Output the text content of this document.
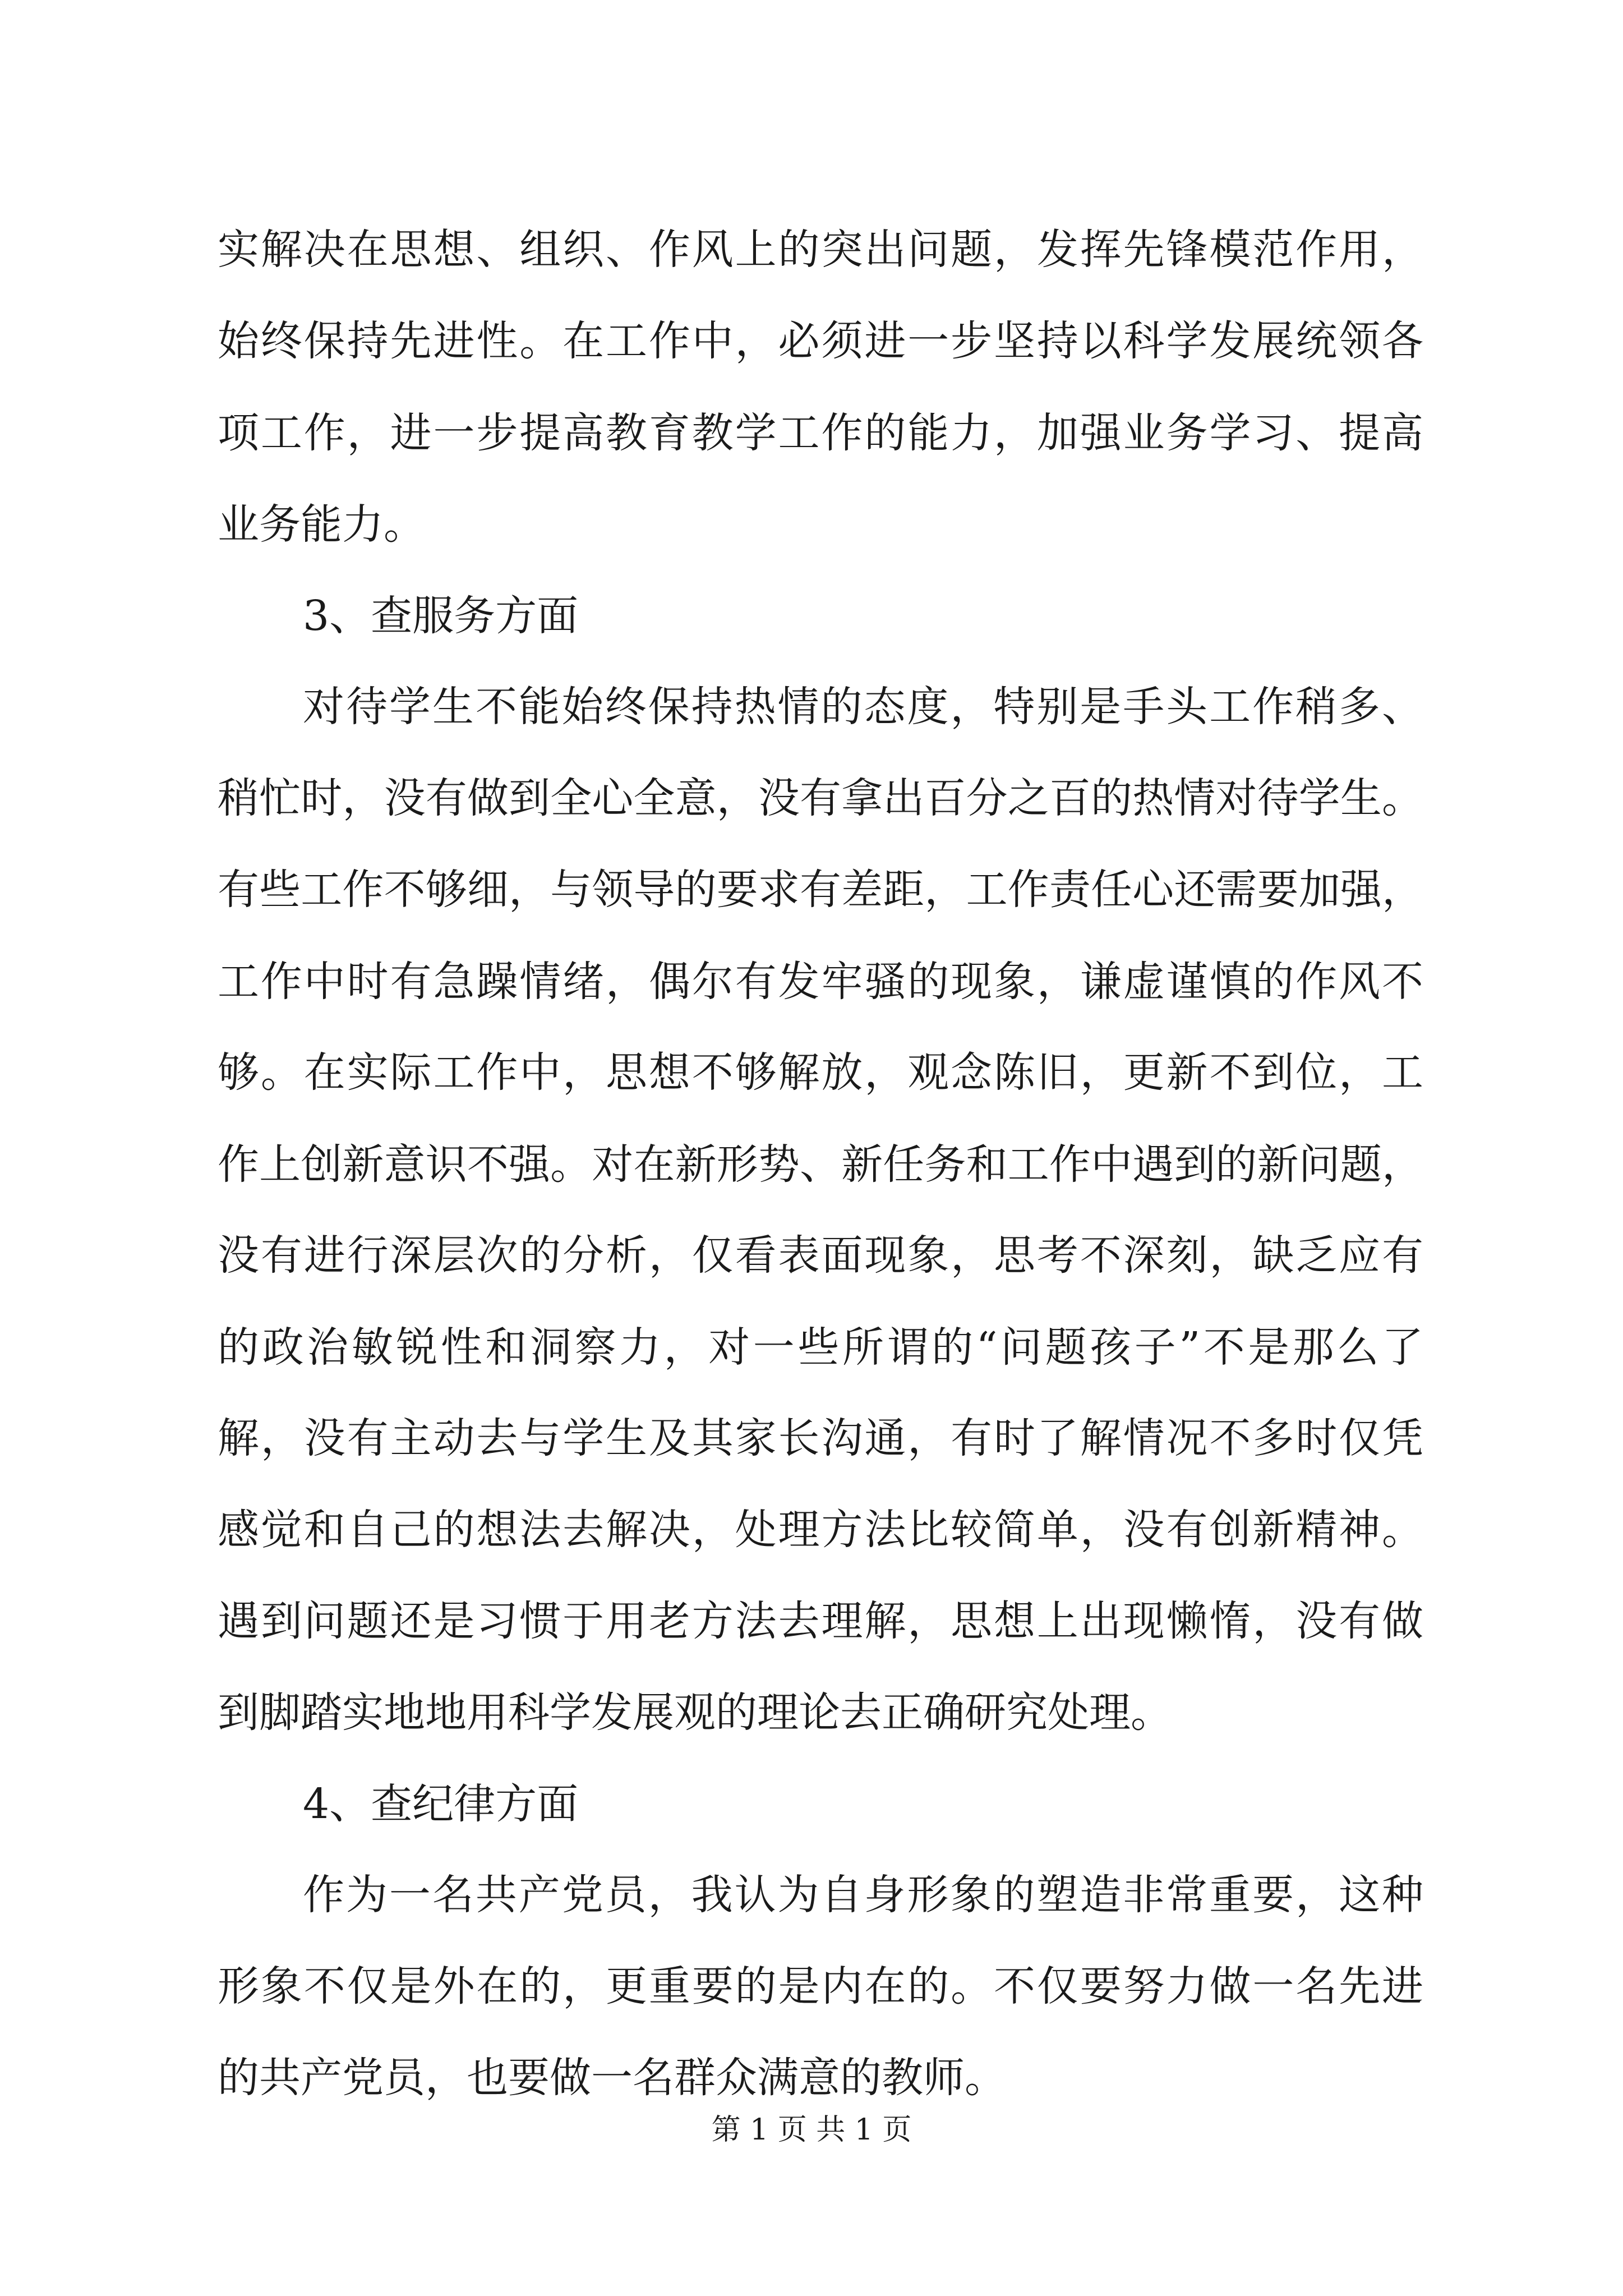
实解决在思想、组织、作风上的突出问题，发挥先锋模范作用，
始终保持先进性。在工作中，必须进一步坚持以科学发展统领各
项工作，进一步提高教育教学工作的能力，加强业务学习、提高
业务能力。
3、查服务方面
对待学生不能始终保持热情的态度，特别是手头工作稍多、
稍忙时，没有做到全心全意，没有拿出百分之百的热情对待学生。
有些工作不够细，与领导的要求有差距，工作责任心还需要加强，
工作中时有急躁情绪，偶尔有发牢骚的现象，谦虚谨慎的作风不
够。在实际工作中，思想不够解放，观念陈旧，更新不到位，工
作上创新意识不强。对在新形势、新任务和工作中遇到的新问题，
没有进行深层次的分析，仅看表面现象，思考不深刻，缺乏应有
的政治敏锐性和洞察力，对一些所谓的“问题孩子”不是那么了
解，没有主动去与学生及其家长沟通，有时了解情况不多时仅凭
感觉和自己的想法去解决，处理方法比较简单，没有创新精神。
遇到问题还是习惯于用老方法去理解，思想上出现懒惰，没有做
到脚踏实地地用科学发展观的理论去正确研究处理。
4、查纪律方面
作为一名共产党员，我认为自身形象的塑造非常重要，这种
形象不仅是外在的，更重要的是内在的。不仅要努力做一名先进
的共产党员，也要做一名群众满意的教师。
第 1 页 共 1 页
